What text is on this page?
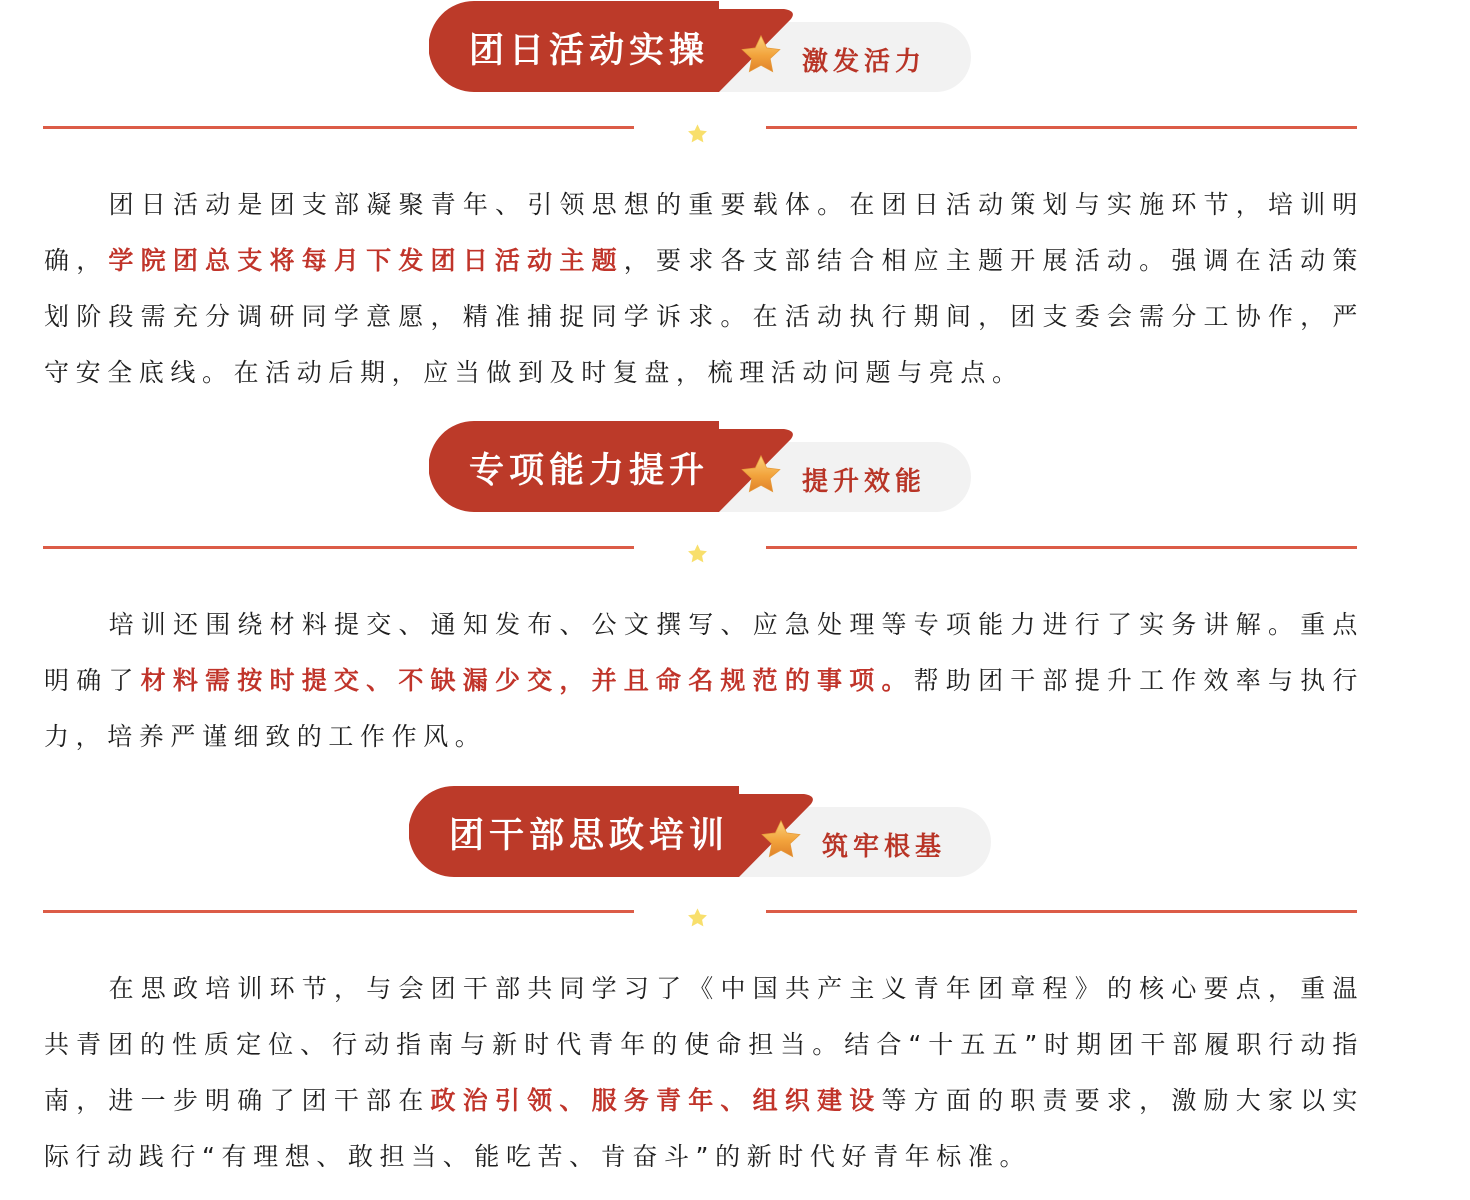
团日活动实操	激发活力
团日活动是团支部凝聚青年、引领思想的重要载体。在团日活动策划与实施环节，培训明确，学院团总支将每月下发团日活动主题，要求各支部结合相应主题开展活动。强调在活动策划阶段需充分调研同学意愿，精准捕捉同学诉求。在活动执行期间，团支委会需分工协作，严守安全底线。在活动后期，应当做到及时复盘，梳理活动问题与亮点。
专项能力提升	提升效能
培训还围绕材料提交、通知发布、公文撰写、应急处理等专项能力进行了实务讲解。重点明确了材料需按时提交、不缺漏少交，并且命名规范的事项。帮助团干部提升工作效率与执行力，培养严谨细致的工作作风。
团干部思政培训	筑牢根基
在思政培训环节，与会团干部共同学习了《中国共产主义青年团章程》的核心要点，重温共青团的性质定位、行动指南与新时代青年的使命担当。结合“十五五”时期团干部履职行动指南，进一步明确了团干部在政治引领、服务青年、组织建设等方面的职责要求，激励大家以实际行动践行“有理想、敢担当、能吃苦、肯奋斗”的新时代好青年标准。
